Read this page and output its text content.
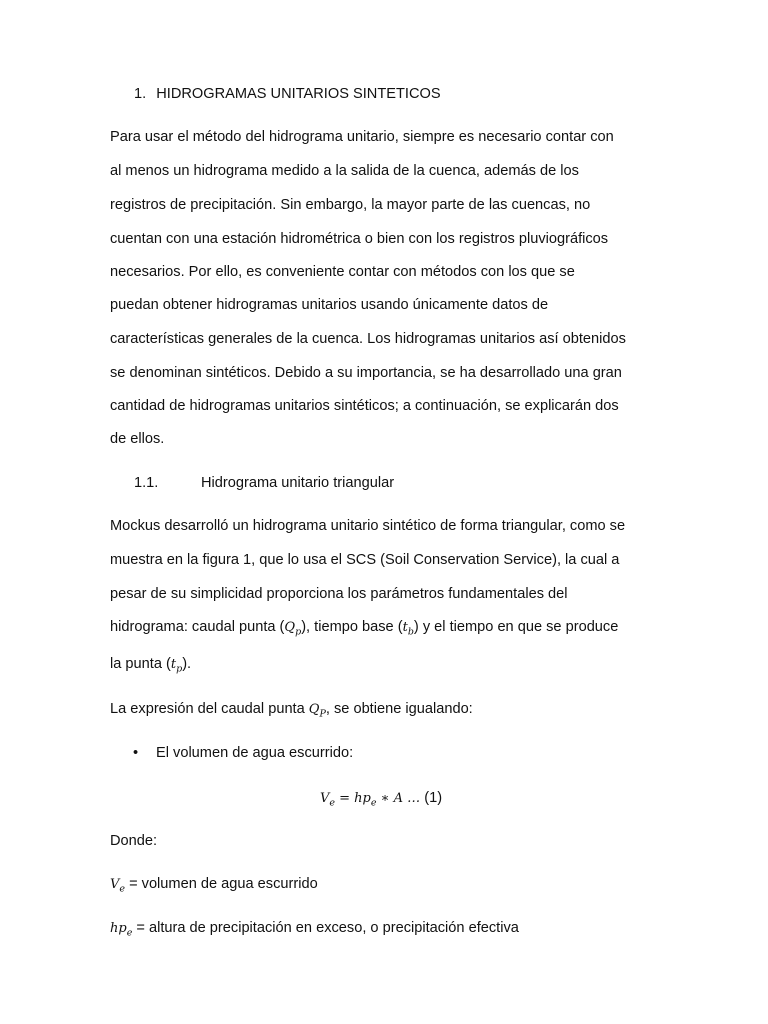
1. HIDROGRAMAS UNITARIOS SINTETICOS
Para usar el método del hidrograma unitario, siempre es necesario contar con
al menos un hidrograma medido a la salida de la cuenca, además de los
registros de precipitación. Sin embargo, la mayor parte de las cuencas, no
cuentan con una estación hidrométrica o bien con los registros pluviográficos
necesarios. Por ello, es conveniente contar con métodos con los que se
puedan obtener hidrogramas unitarios usando únicamente datos de
características generales de la cuenca. Los hidrogramas unitarios así obtenidos
se denominan sintéticos. Debido a su importancia, se ha desarrollado una gran
cantidad de hidrogramas unitarios sintéticos; a continuación, se explicarán dos
de ellos.
1.1.	Hidrograma unitario triangular
Mockus desarrolló un hidrograma unitario sintético de forma triangular, como se
muestra en la figura 1, que lo usa el SCS (Soil Conservation Service), la cual a
pesar de su simplicidad proporciona los parámetros fundamentales del
hidrograma: caudal punta $(Q_p)$, tiempo base $(t_b)$ y el tiempo en que se produce
la punta $(t_p)$.
La expresión del caudal punta $Q_P$, se obtiene igualando:
• El volumen de agua escurrido:
$V_e = hp_e$ ∗ A … (1)
Donde:
$V_e$ = volumen de agua escurrido
$hp_e$ = altura de precipitación en exceso, o precipitación efectiva
